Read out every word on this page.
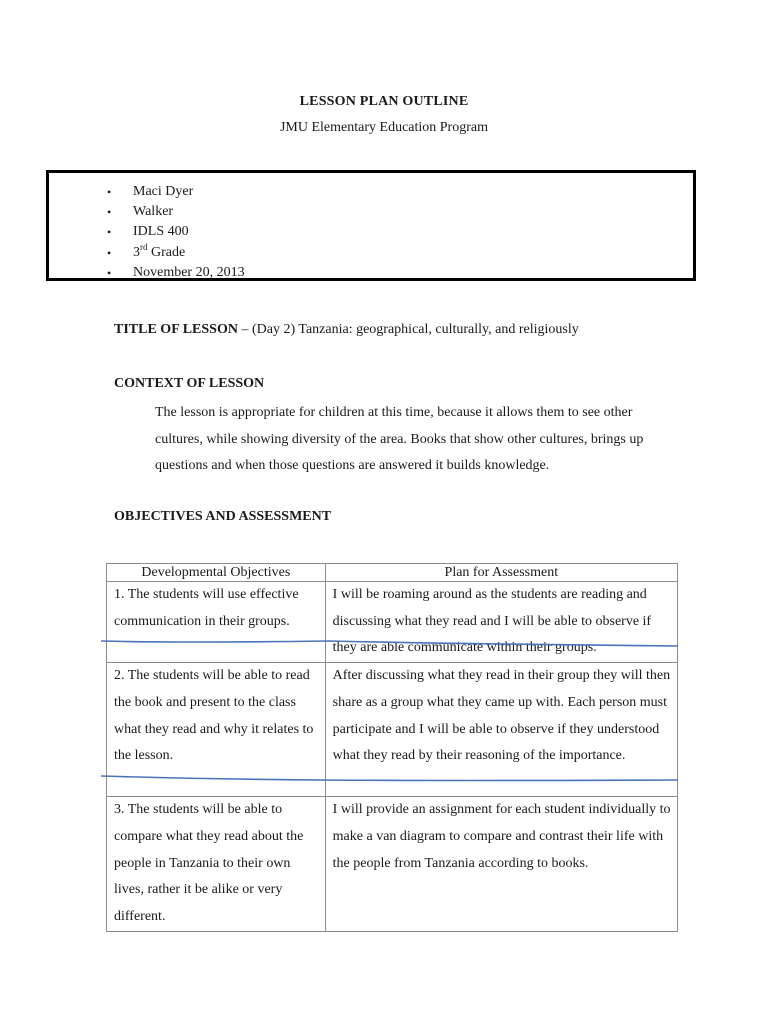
LESSON PLAN OUTLINE
JMU Elementary Education Program
• Maci Dyer
• Walker
• IDLS 400
• 3rd Grade
• November 20, 2013
TITLE OF LESSON – (Day 2) Tanzania: geographical, culturally, and religiously
CONTEXT OF LESSON
The lesson is appropriate for children at this time, because it allows them to see other cultures, while showing diversity of the area. Books that show other cultures, brings up questions and when those questions are answered it builds knowledge.
OBJECTIVES AND ASSESSMENT
Developmental Objectives	Plan for Assessment
1. The students will use effective communication in their groups.	I will be roaming around as the students are reading and discussing what they read and I will be able to observe if they are able communicate within their groups.
2. The students will be able to read the book and present to the class what they read and why it relates to the lesson.	After discussing what they read in their group they will then share as a group what they came up with. Each person must participate and I will be able to observe if they understood what they read by their reasoning of the importance.
3. The students will be able to compare what they read about the people in Tanzania to their own lives, rather it be alike or very different.	I will provide an assignment for each student individually to make a van diagram to compare and contrast their life with the people from Tanzania according to books.
